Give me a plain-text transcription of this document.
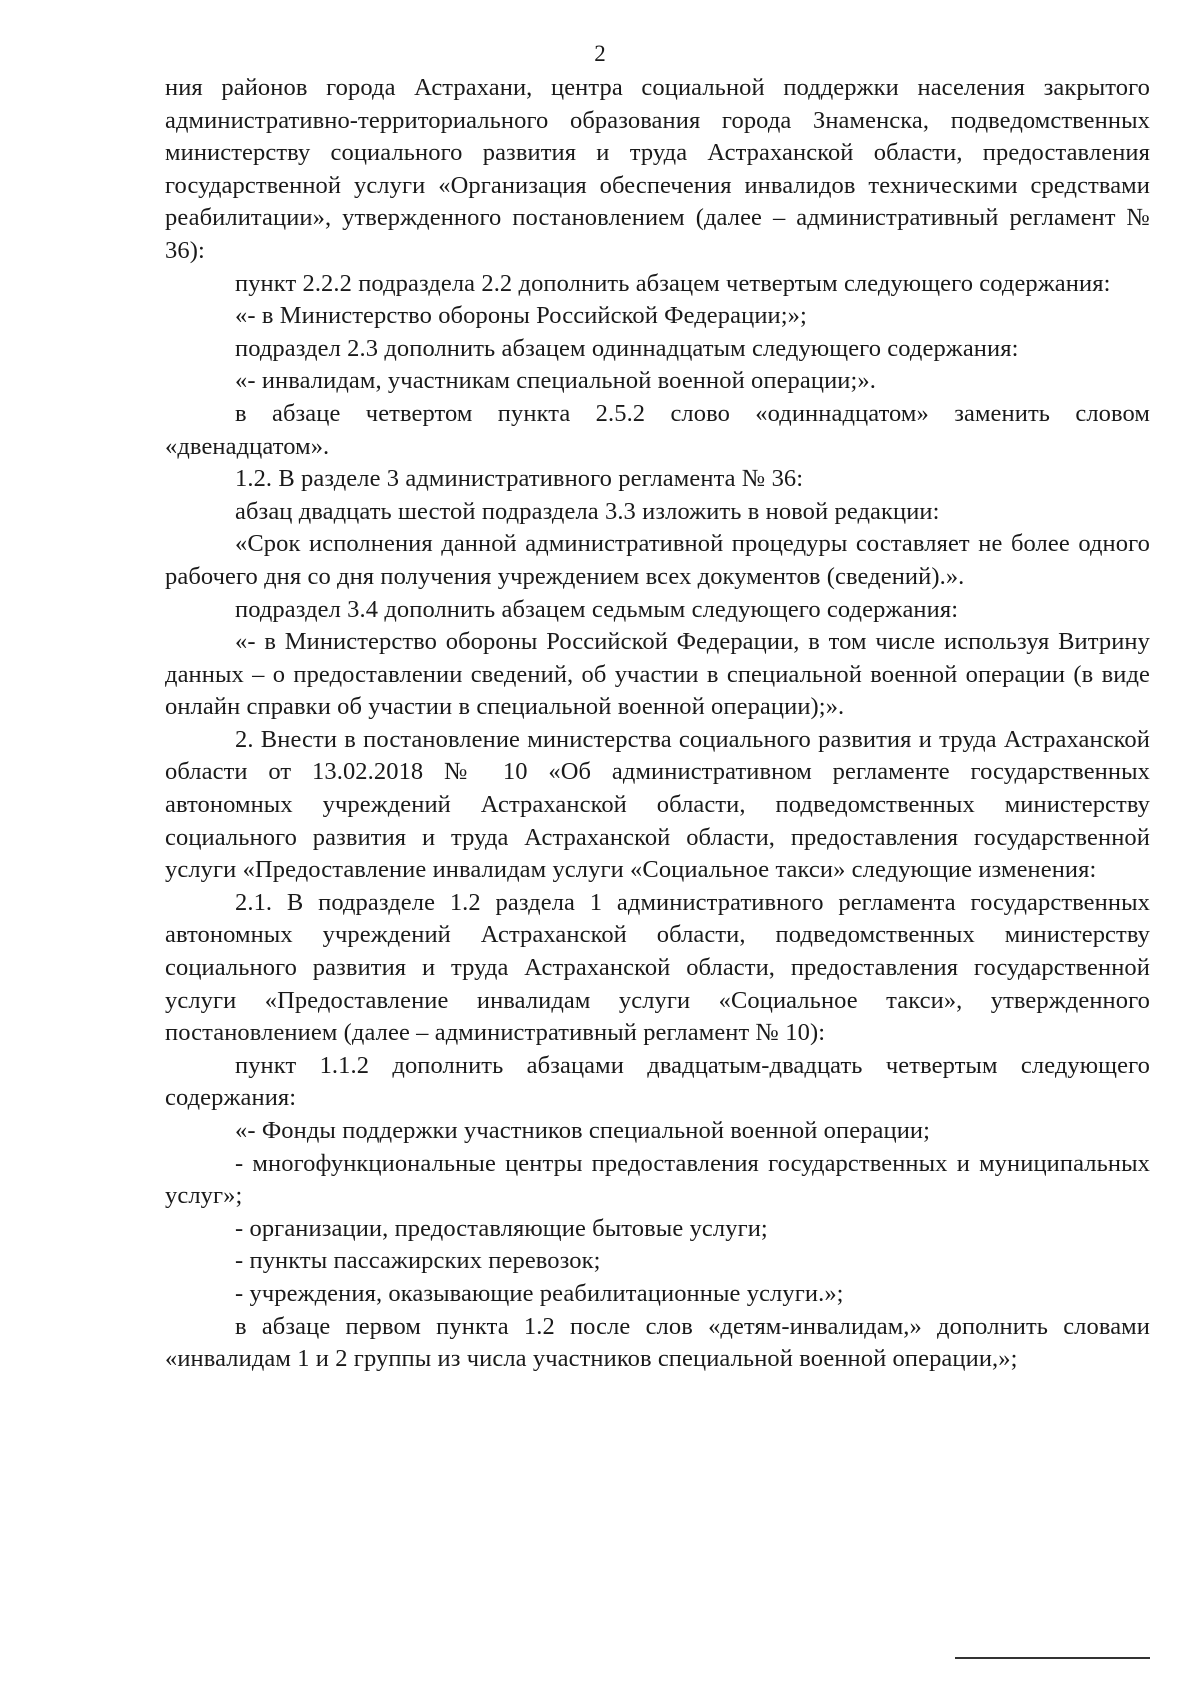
2

ния районов города Астрахани, центра социальной поддержки населения закрытого административно-территориального образования города Знаменска, подведомственных министерству социального развития и труда Астраханской области, предоставления государственной услуги «Организация обеспечения инвалидов техническими средствами реабилитации», утвержденного постановлением (далее – административный регламент № 36):

пункт 2.2.2 подраздела 2.2 дополнить абзацем четвертым следующего содержания:

«- в Министерство обороны Российской Федерации;»;

подраздел 2.3 дополнить абзацем одиннадцатым следующего содержания:

«- инвалидам, участникам специальной военной операции;».

в абзаце четвертом пункта 2.5.2 слово «одиннадцатом» заменить словом «двенадцатом».

1.2. В разделе 3 административного регламента № 36:

абзац двадцать шестой подраздела 3.3 изложить в новой редакции:

«Срок исполнения данной административной процедуры составляет не более одного рабочего дня со дня получения учреждением всех документов (сведений).».

подраздел 3.4 дополнить абзацем седьмым следующего содержания:

«- в Министерство обороны Российской Федерации, в том числе используя Витрину данных – о предоставлении сведений, об участии в специальной военной операции (в виде онлайн справки об участии в специальной военной операции);».

2. Внести в постановление министерства социального развития и труда Астраханской области от 13.02.2018 № 10 «Об административном регламенте государственных автономных учреждений Астраханской области, подведомственных министерству социального развития и труда Астраханской области, предоставления государственной услуги «Предоставление инвалидам услуги «Социальное такси» следующие изменения:

2.1. В подразделе 1.2 раздела 1 административного регламента государственных автономных учреждений Астраханской области, подведомственных министерству социального развития и труда Астраханской области, предоставления государственной услуги «Предоставление инвалидам услуги «Социальное такси», утвержденного постановлением (далее – административный регламент № 10):

пункт 1.1.2 дополнить абзацами двадцатым-двадцать четвертым следующего содержания:

«- Фонды поддержки участников специальной военной операции;

- многофункциональные центры предоставления государственных и муниципальных услуг»;

- организации, предоставляющие бытовые услуги;

- пункты пассажирских перевозок;

- учреждения, оказывающие реабилитационные услуги.»;

в абзаце первом пункта 1.2 после слов «детям-инвалидам,» дополнить словами «инвалидам 1 и 2 группы из числа участников специальной военной операции,»;
